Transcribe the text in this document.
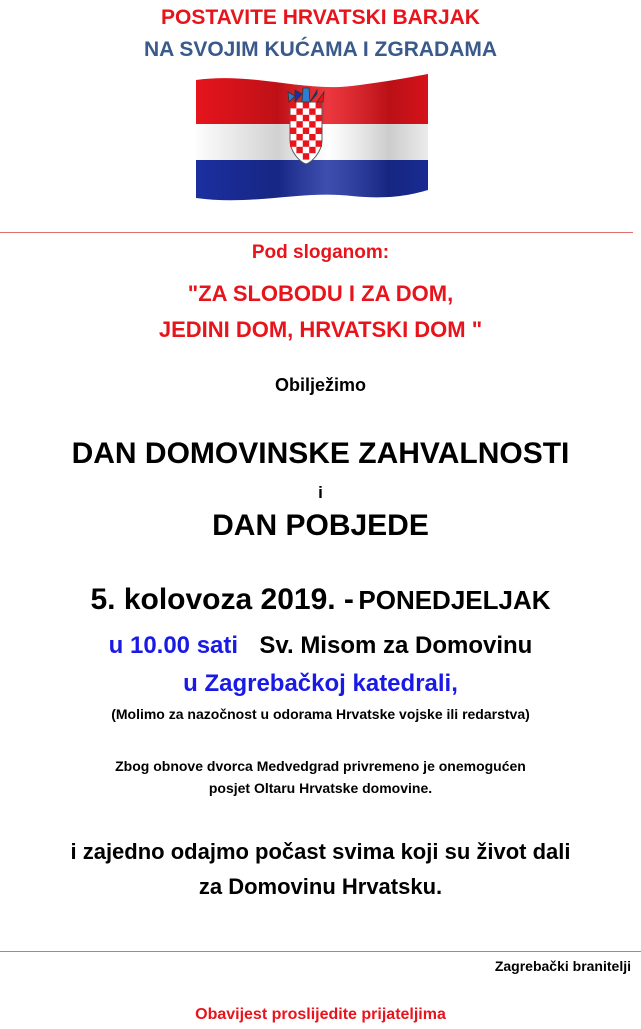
POSTAVITE HRVATSKI BARJAK
NA SVOJIM KUĆAMA I ZGRADAMA
Pod sloganom:
"ZA SLOBODU I ZA DOM,
JEDINI DOM, HRVATSKI DOM "
Obilježimo
DAN DOMOVINSKE ZAHVALNOSTI
i
DAN POBJEDE
5. kolovoza 2019. - PONEDJELJAK
u 10.00 sati Sv. Misom za Domovinu
u Zagrebačkoj katedrali,
(Molimo za nazočnost u odorama Hrvatske vojske ili redarstva)
Zbog obnove dvorca Medvedgrad privremeno je onemogućen
posjet Oltaru Hrvatske domovine.
i zajedno odajmo počast svima koji su život dali
za Domovinu Hrvatsku.
Zagrebački branitelji
Obavijest proslijedite prijateljima
